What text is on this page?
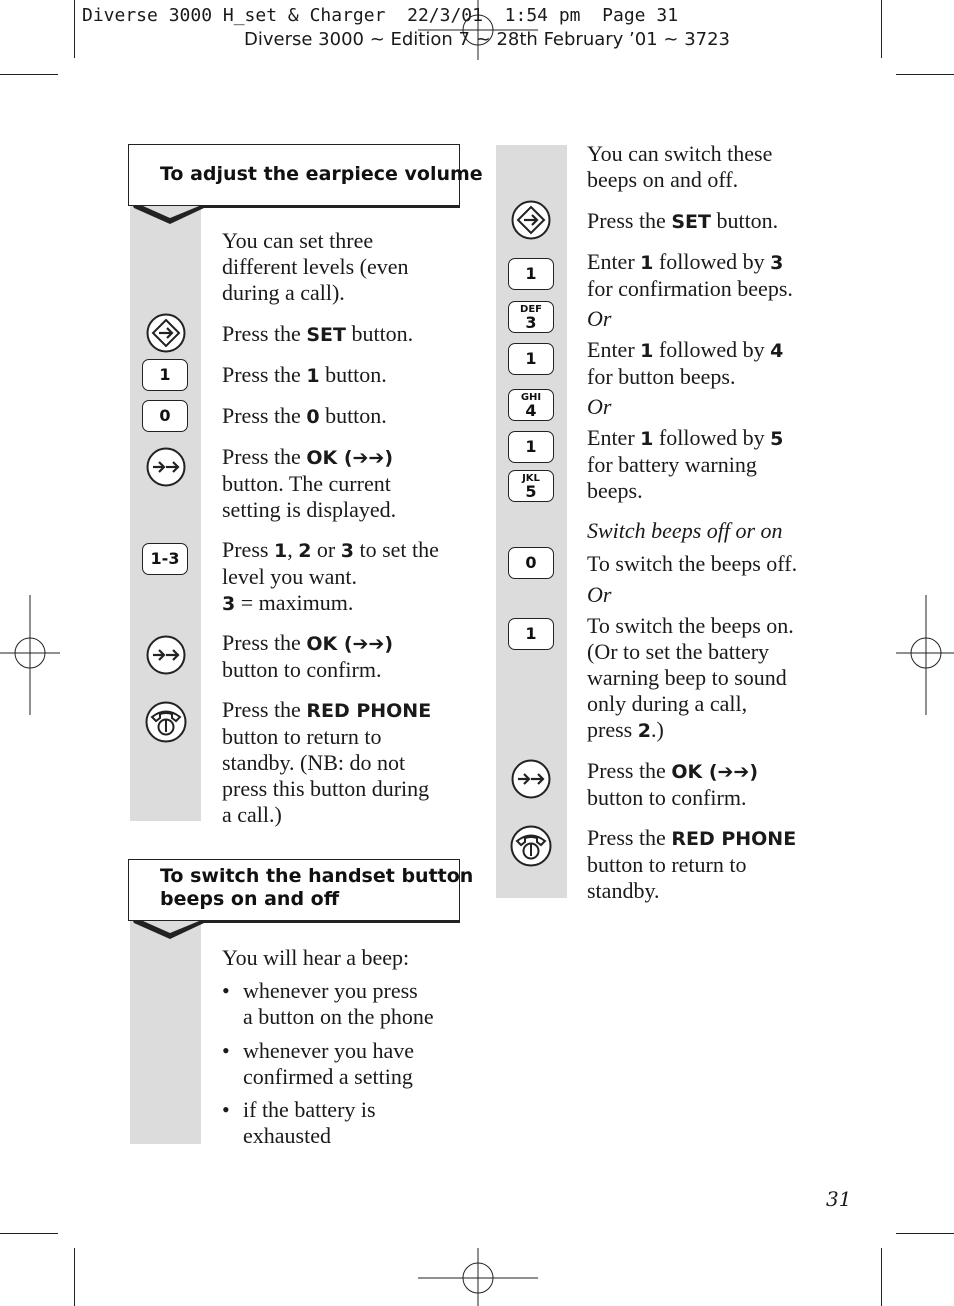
Diverse 3000 H_set & Charger  22/3/01  1:54 pm  Page 31
Diverse 3000 ~ Edition 7 ~ 28th February ’01 ~ 3723
To adjust the earpiece volume
You can set three
different levels (even
during a call).
Press the SET button.
Press the 1 button.
Press the 0 button.
Press the OK (➔➔)
button. The current
setting is displayed.
Press 1, 2 or 3 to set the
level you want.
3 = maximum.
Press the OK (➔➔)
button to confirm.
Press the RED PHONE
button to return to
standby. (NB: do not
press this button during
a call.)
1
0
1-3
To switch the handset button
beeps on and off
You will hear a beep:
• whenever you press
a button on the phone
• whenever you have
confirmed a setting
• if the battery is
exhausted
You can switch these
beeps on and off.
Press the SET button.
Enter 1 followed by 3
for confirmation beeps.
Or
Enter 1 followed by 4
for button beeps.
Or
Enter 1 followed by 5
for battery warning
beeps.
Switch beeps off or on
To switch the beeps off.
Or
To switch the beeps on.
(Or to set the battery
warning beep to sound
only during a call,
press 2.)
Press the OK (➔➔)
button to confirm.
Press the RED PHONE
button to return to
standby.
1
DEF
3
1
GHI
4
1
JKL
5
0
1
31
